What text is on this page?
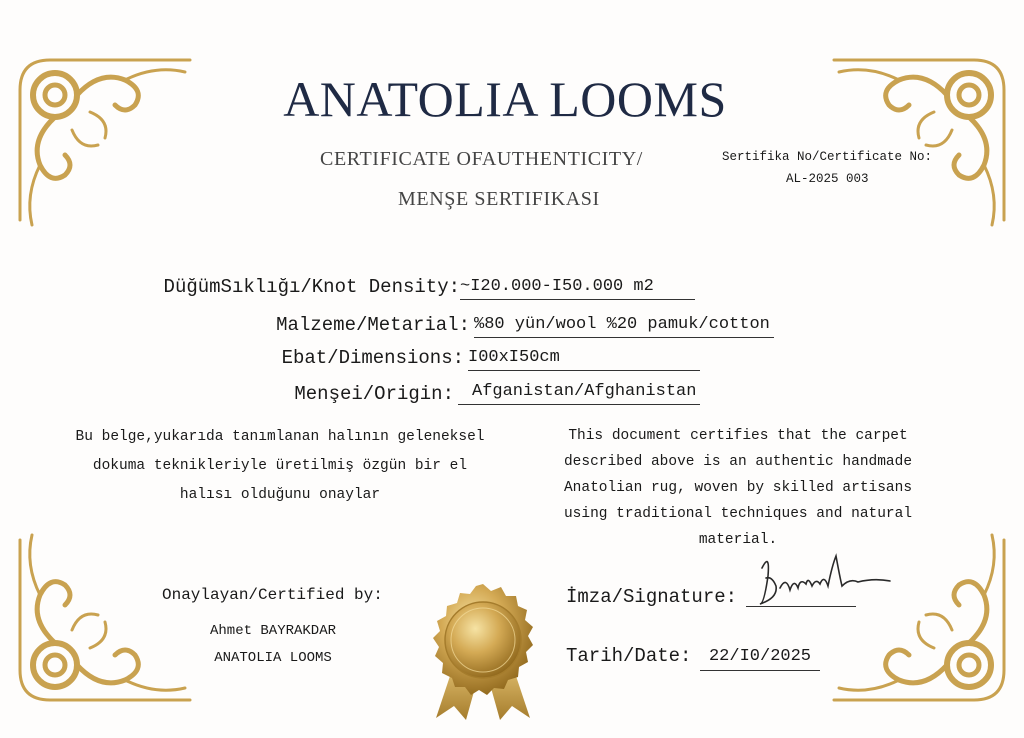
ANATOLIA LOOMS
CERTIFICATE OFAUTHENTICITY/
MENŞE SERTIFIKASI
Sertifika No/Certificate No:
AL-2025 003
DüğümSıklığı/Knot Density: ~I20.000-I50.000 m2
Malzeme/Metarial: %80 yün/wool %20 pamuk/cotton
Ebat/Dimensions: I00xI50cm
Menşei/Origin:	Afganistan/Afghanistan
Bu belge,yukarıda tanımlanan halının geleneksel
dokuma teknikleriyle üretilmiş özgün bir el
halısı olduğunu onaylar
This document certifies that the carpet
described above is an authentic handmade
Anatolian rug, woven by skilled artisans
using traditional techniques and natural
material.
Onaylayan/Certified by:
Ahmet BAYRAKDAR
ANATOLIA LOOMS
İmza/Signature:
Tarih/Date:	22/I0/2025
